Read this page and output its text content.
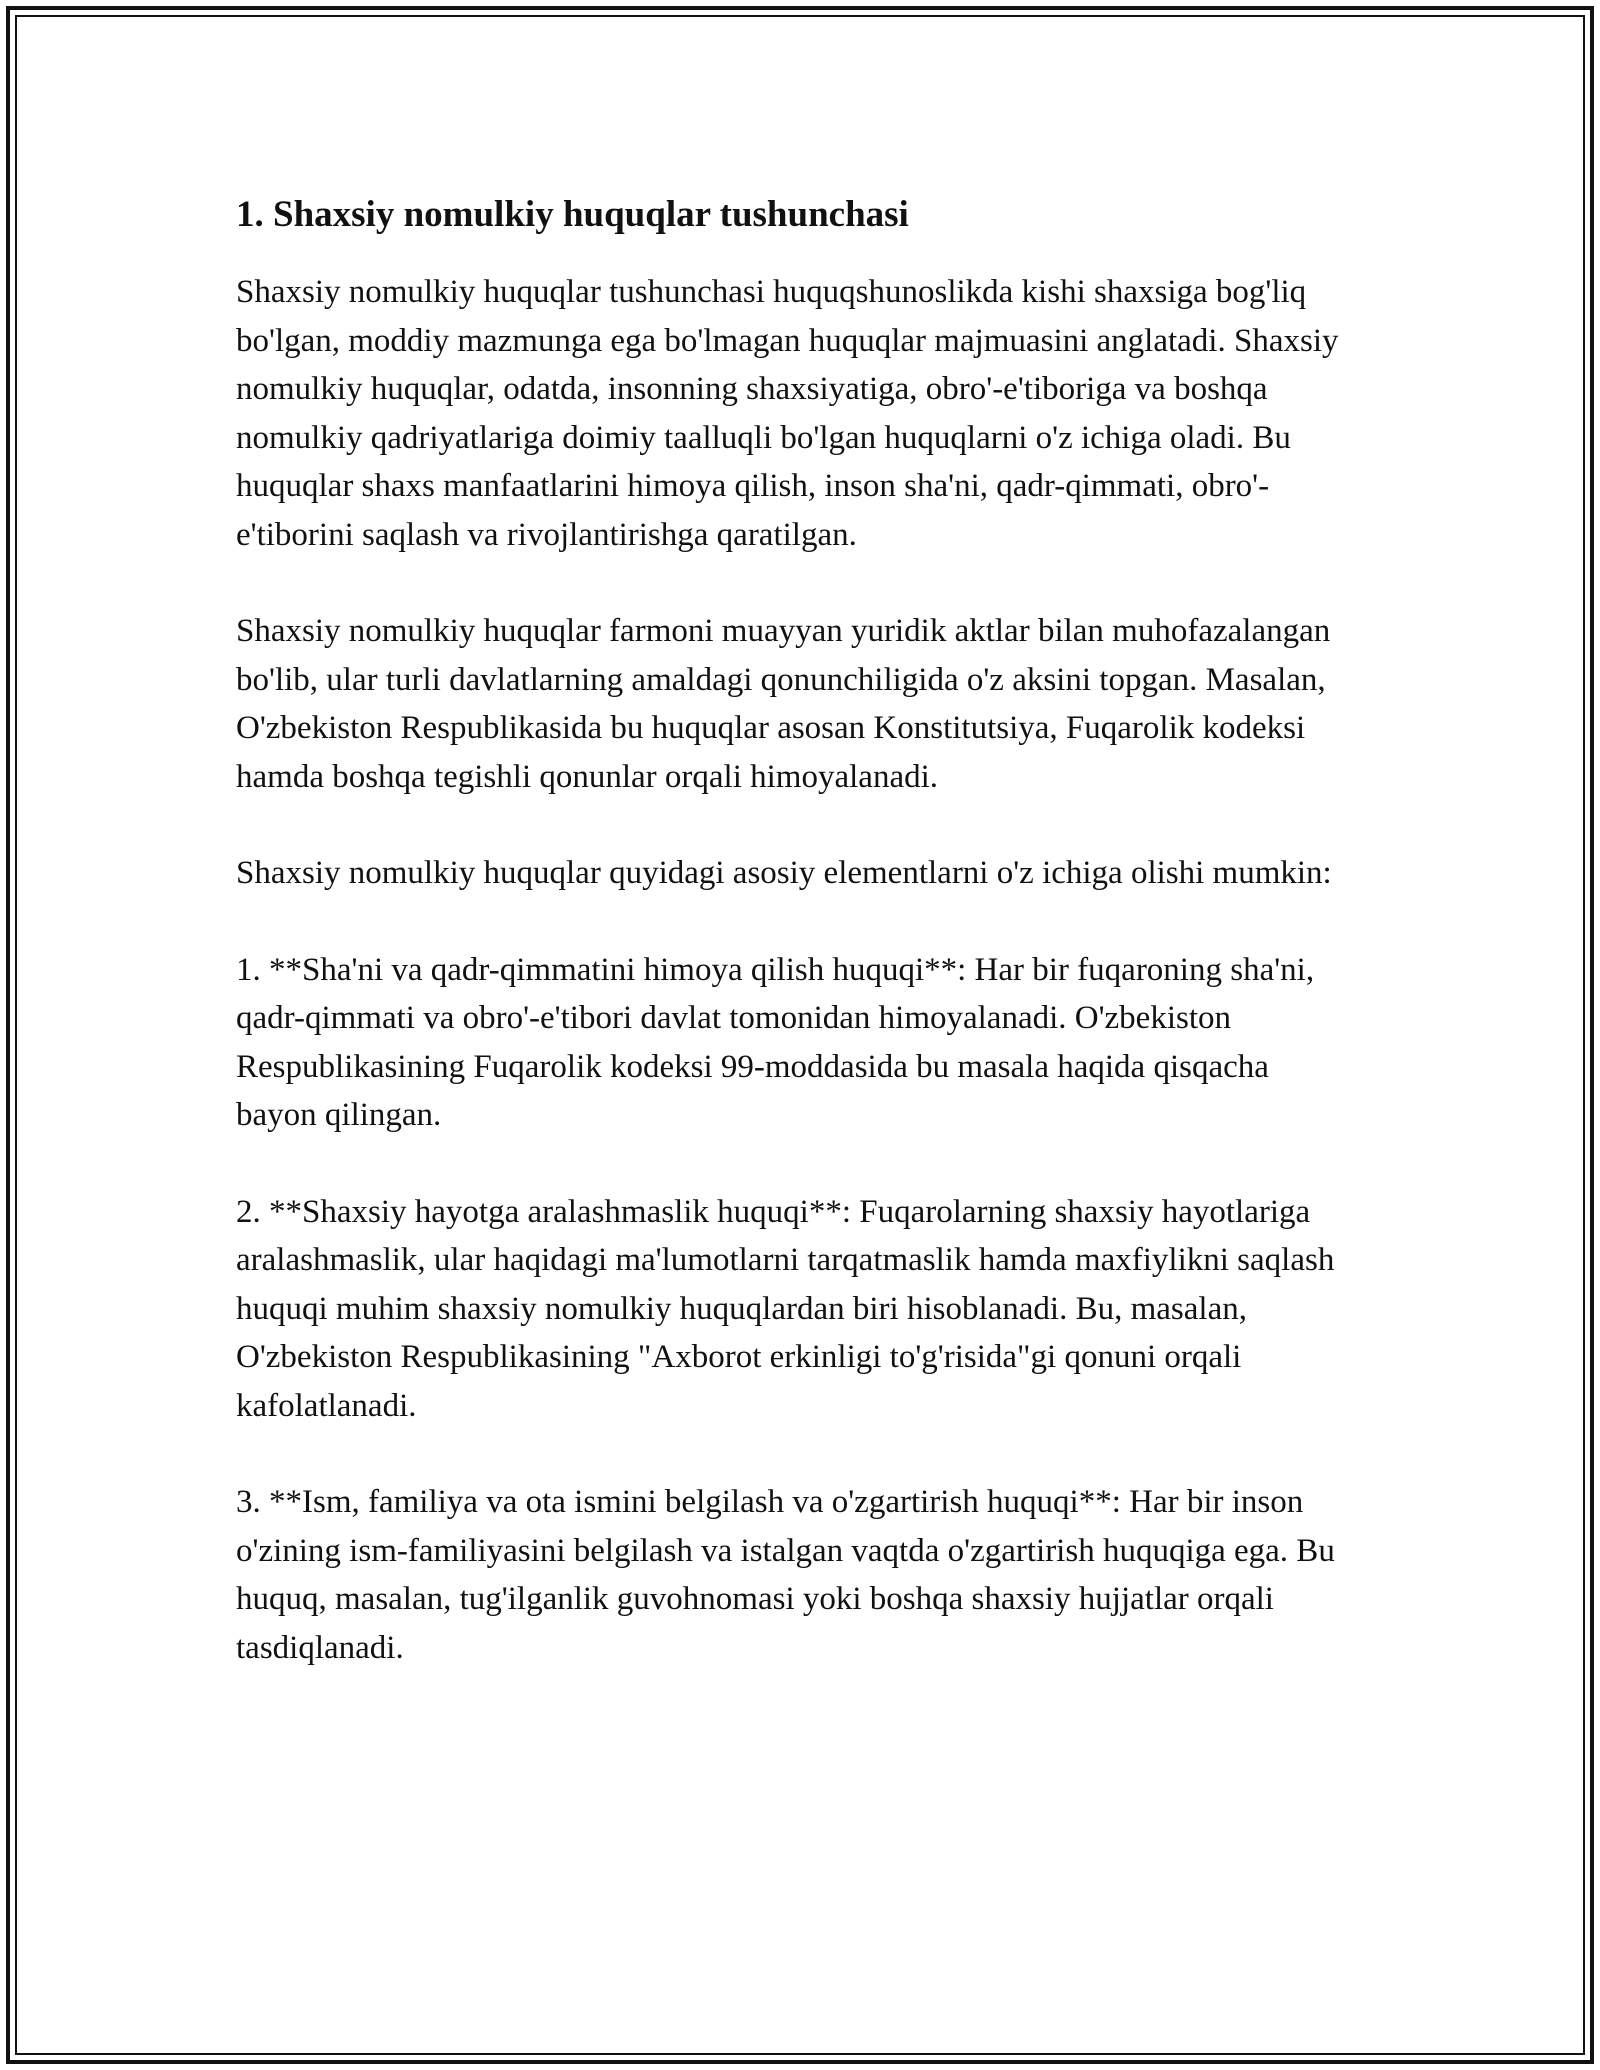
1. Shaxsiy nomulkiy huquqlar tushunchasi

Shaxsiy nomulkiy huquqlar tushunchasi huquqshunoslikda kishi shaxsiga bog'liq bo'lgan, moddiy mazmunga ega bo'lmagan huquqlar majmuasini anglatadi. Shaxsiy nomulkiy huquqlar, odatda, insonning shaxsiyatiga, obro'-e'tiboriga va boshqa nomulkiy qadriyatlariga doimiy taalluqli bo'lgan huquqlarni o'z ichiga oladi. Bu huquqlar shaxs manfaatlarini himoya qilish, inson sha'ni, qadr-qimmati, obro'-e'tiborini saqlash va rivojlantirishga qaratilgan.

Shaxsiy nomulkiy huquqlar farmoni muayyan yuridik aktlar bilan muhofazalangan bo'lib, ular turli davlatlarning amaldagi qonunchiligida o'z aksini topgan. Masalan, O'zbekiston Respublikasida bu huquqlar asosan Konstitutsiya, Fuqarolik kodeksi hamda boshqa tegishli qonunlar orqali himoyalanadi.

Shaxsiy nomulkiy huquqlar quyidagi asosiy elementlarni o'z ichiga olishi mumkin:

1. **Sha'ni va qadr-qimmatini himoya qilish huquqi**: Har bir fuqaroning sha'ni, qadr-qimmati va obro'-e'tibori davlat tomonidan himoyalanadi. O'zbekiston Respublikasining Fuqarolik kodeksi 99-moddasida bu masala haqida qisqacha bayon qilingan.

2. **Shaxsiy hayotga aralashmaslik huquqi**: Fuqarolarning shaxsiy hayotlariga aralashmaslik, ular haqidagi ma'lumotlarni tarqatmaslik hamda maxfiylikni saqlash huquqi muhim shaxsiy nomulkiy huquqlardan biri hisoblanadi. Bu, masalan, O'zbekiston Respublikasining "Axborot erkinligi to'g'risida"gi qonuni orqali kafolatlanadi.

3. **Ism, familiya va ota ismini belgilash va o'zgartirish huquqi**: Har bir inson o'zining ism-familiyasini belgilash va istalgan vaqtda o'zgartirish huquqiga ega. Bu huquq, masalan, tug'ilganlik guvohnomasi yoki boshqa shaxsiy hujjatlar orqali tasdiqlanadi.
